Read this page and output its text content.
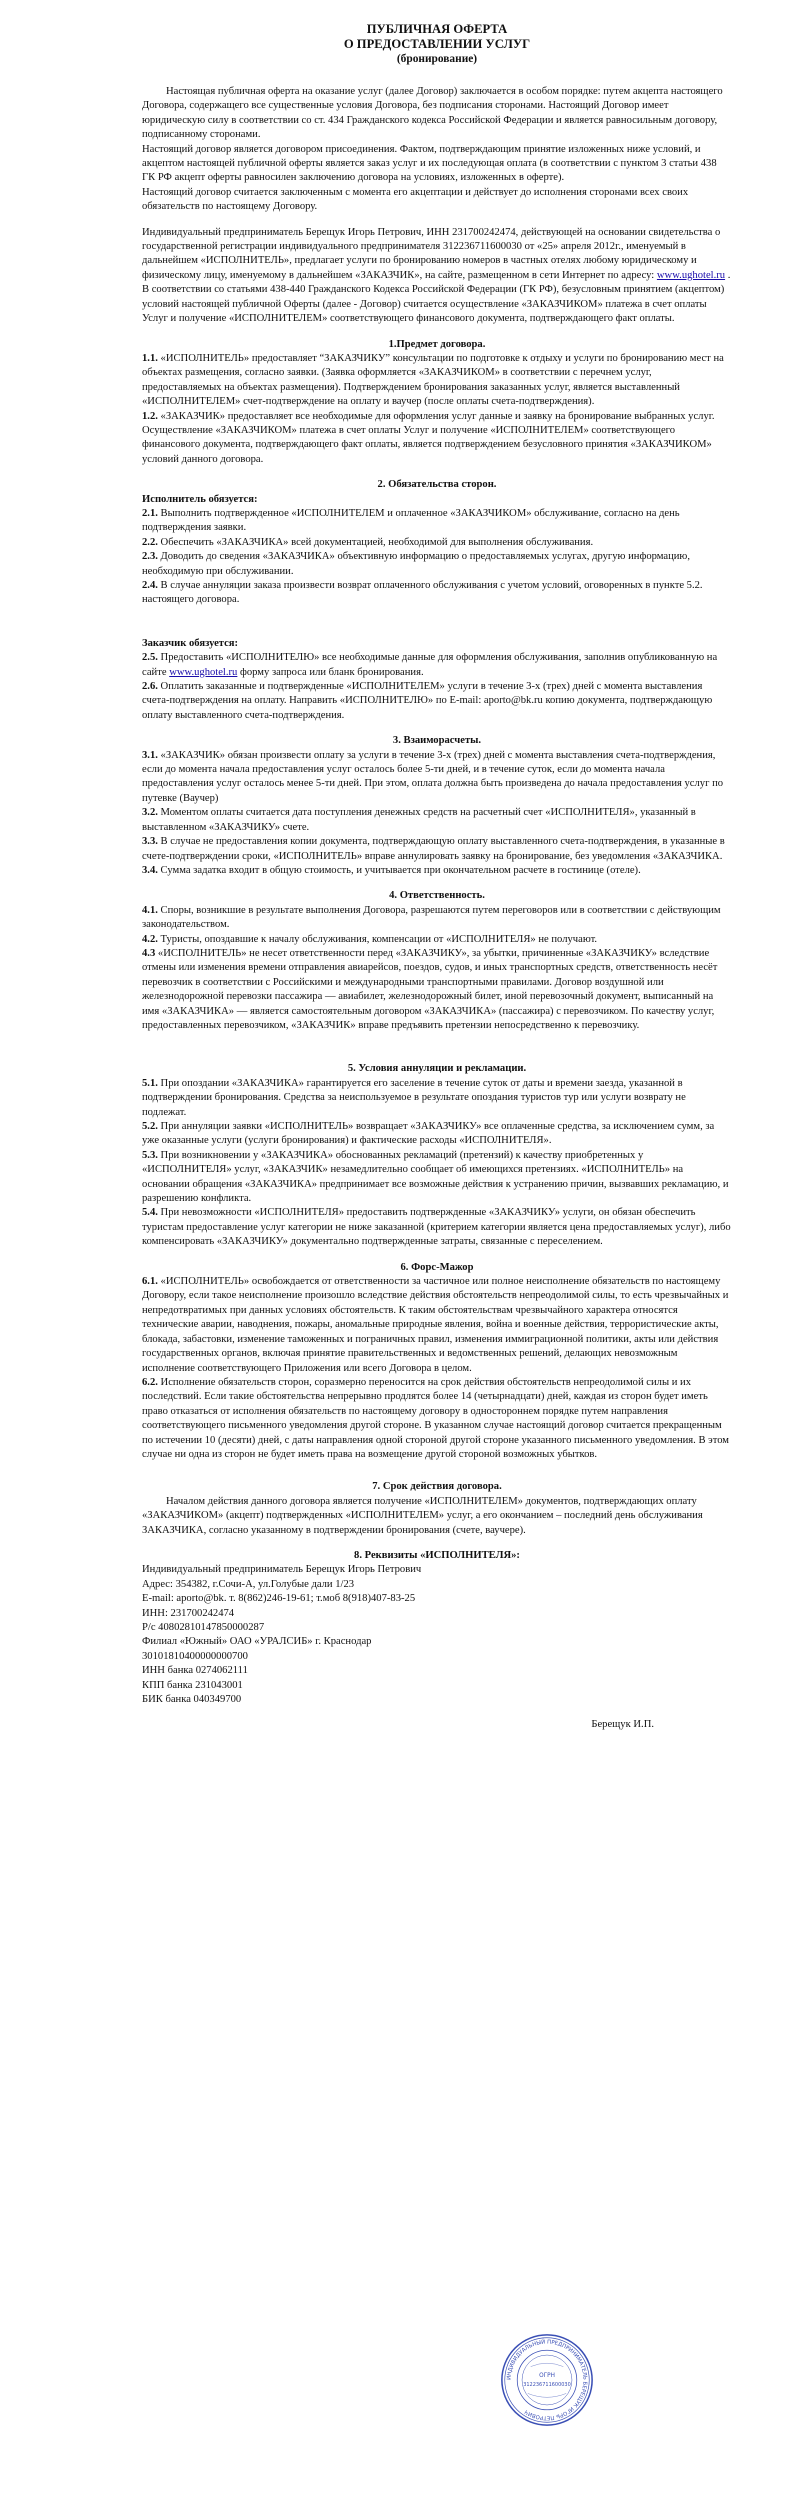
ПУБЛИЧНАЯ ОФЕРТА
О ПРЕДОСТАВЛЕНИИ УСЛУГ
(бронирование)

Настоящая публичная оферта на оказание услуг (далее Договор) заключается в особом порядке: путем акцепта настоящего Договора, содержащего все существенные условия Договора, без подписания сторонами. Настоящий Договор имеет юридическую силу в соответствии со ст. 434 Гражданского кодекса Российской Федерации и является равносильным договору, подписанному сторонами.

Настоящий договор является договором присоединения. Фактом, подтверждающим принятие изложенных ниже условий, и акцептом настоящей публичной оферты является заказ услуг и их последующая оплата (в соответствии с пунктом 3 статьи 438 ГК РФ акцепт оферты равносилен заключению договора на условиях, изложенных в оферте).

Настоящий договор считается заключенным с момента его акцептации и действует до исполнения сторонами всех своих обязательств по настоящему Договору.

Индивидуальный предприниматель Берещук Игорь Петрович, ИНН 231700242474, действующей на основании свидетельства о государственной регистрации индивидуального предпринимателя 312236711600030 от «25» апреля 2012г., именуемый в дальнейшем «ИСПОЛНИТЕЛЬ», предлагает услуги по бронированию номеров в частных отелях любому юридическому и физическому лицу, именуемому в дальнейшем «ЗАКАЗЧИК», на сайте, размещенном в сети Интернет по адресу: www.ughotel.ru .

В соответствии со статьями 438-440 Гражданского Кодекса Российской Федерации (ГК РФ), безусловным принятием (акцептом) условий настоящей публичной Оферты (далее - Договор) считается осуществление «ЗАКАЗЧИКОМ» платежа в счет оплаты Услуг и получение «ИСПОЛНИТЕЛЕМ» соответствующего финансового документа, подтверждающего факт оплаты.

1.Предмет договора.

1.1. «ИСПОЛНИТЕЛЬ» предоставляет “ЗАКАЗЧИКУ” консультации по подготовке к отдыху и услуги по бронированию мест на объектах размещения, согласно заявки. (Заявка оформляется «ЗАКАЗЧИКОМ» в соответствии с перечнем услуг, предоставляемых на объектах размещения). Подтверждением бронирования заказанных услуг, является выставленный «ИСПОЛНИТЕЛЕМ» счет-подтверждение на оплату и ваучер (после оплаты счета-подтверждения).

1.2. «ЗАКАЗЧИК» предоставляет все необходимые для оформления услуг данные и заявку на бронирование выбранных услуг. Осуществление «ЗАКАЗЧИКОМ» платежа в счет оплаты Услуг и получение «ИСПОЛНИТЕЛЕМ» соответствующего финансового документа, подтверждающего факт оплаты, является подтверждением безусловного принятия «ЗАКАЗЧИКОМ» условий данного договора.

2. Обязательства сторон.

Исполнитель обязуется:

2.1. Выполнить подтвержденное «ИСПОЛНИТЕЛЕМ и оплаченное «ЗАКАЗЧИКОМ» обслуживание, согласно на день подтверждения заявки.

2.2. Обеспечить «ЗАКАЗЧИКА» всей документацией, необходимой для выполнения обслуживания.

2.3. Доводить до сведения «ЗАКАЗЧИКА» объективную информацию о предоставляемых услугах, другую информацию, необходимую при обслуживании.

2.4. В случае аннуляции заказа произвести возврат оплаченного обслуживания с учетом условий, оговоренных в пункте 5.2. настоящего договора.

Заказчик обязуется:

2.5. Предоставить «ИСПОЛНИТЕЛЮ» все необходимые данные для оформления обслуживания, заполнив опубликованную на сайте www.ughotel.ru форму запроса или бланк бронирования.

2.6. Оплатить заказанные и подтвержденные «ИСПОЛНИТЕЛЕМ» услуги в течение 3-х (трех) дней с момента выставления счета-подтверждения на оплату. Направить «ИСПОЛНИТЕЛЮ» по E-mail: aporto@bk.ru копию документа, подтверждающую оплату выставленного счета-подтверждения.

3. Взаиморасчеты.

3.1. «ЗАКАЗЧИК» обязан произвести оплату за услуги в течение 3-х (трех) дней с момента выставления счета-подтверждения, если до момента начала предоставления услуг осталось более 5-ти дней, и в течение суток, если до момента начала предоставления услуг осталось менее 5-ти дней. При этом, оплата должна быть произведена до начала предоставления услуг по путевке (Ваучер)

3.2. Моментом оплаты считается дата поступления денежных средств на расчетный счет «ИСПОЛНИТЕЛЯ», указанный в выставленном «ЗАКАЗЧИКУ» счете.

3.3. В случае не предоставления копии документа, подтверждающую оплату выставленного счета-подтверждения, в указанные в счете-подтверждении сроки, «ИСПОЛНИТЕЛЬ» вправе аннулировать заявку на бронирование, без уведомления «ЗАКАЗЧИКА.

3.4. Сумма задатка входит в общую стоимость, и учитывается при окончательном расчете в гостинице (отеле).

4. Ответственность.

4.1. Споры, возникшие в результате выполнения Договора, разрешаются путем переговоров или в соответствии с действующим законодательством.

4.2. Туристы, опоздавшие к началу обслуживания, компенсации от «ИСПОЛНИТЕЛЯ» не получают.

4.3 «ИСПОЛНИТЕЛЬ» не несет ответственности перед «ЗАКАЗЧИКУ», за убытки, причиненные «ЗАКАЗЧИКУ» вследствие отмены или изменения времени отправления авиарейсов, поездов, судов, и иных транспортных средств, ответственность несёт перевозчик в соответствии с Российскими и международными транспортными правилами. Договор воздушной или железнодорожной перевозки пассажира — авиабилет, железнодорожный билет, иной перевозочный документ, выписанный на имя «ЗАКАЗЧИКА» — является самостоятельным договором «ЗАКАЗЧИКА» (пассажира) с перевозчиком. По качеству услуг, предоставленных перевозчиком, «ЗАКАЗЧИК» вправе предъявить претензии непосредственно к перевозчику.

5. Условия аннуляции и рекламации.

5.1. При опоздании «ЗАКАЗЧИКА» гарантируется его заселение в течение суток от даты и времени заезда, указанной в подтверждении бронирования. Средства за неиспользуемое в результате опоздания туристов тур или услуги возврату не подлежат.

5.2. При аннуляции заявки «ИСПОЛНИТЕЛЬ» возвращает «ЗАКАЗЧИКУ» все оплаченные средства, за исключением сумм, за уже оказанные услуги (услуги бронирования) и фактические расходы «ИСПОЛНИТЕЛЯ».

5.3. При возникновении у «ЗАКАЗЧИКА» обоснованных рекламаций (претензий) к качеству приобретенных у «ИСПОЛНИТЕЛЯ» услуг, «ЗАКАЗЧИК» незамедлительно сообщает об имеющихся претензиях. «ИСПОЛНИТЕЛЬ» на основании обращения «ЗАКАЗЧИКА» предпринимает все возможные действия к устранению причин, вызвавших рекламацию, и разрешению конфликта.

5.4. При невозможности «ИСПОЛНИТЕЛЯ» предоставить подтвержденные «ЗАКАЗЧИКУ» услуги, он обязан обеспечить туристам предоставление услуг категории не ниже заказанной (критерием категории является цена предоставляемых услуг), либо компенсировать «ЗАКАЗЧИКУ» документально подтвержденные затраты, связанные с переселением.

6. Форс-Мажор

6.1. «ИСПОЛНИТЕЛЬ» освобождается от ответственности за частичное или полное неисполнение обязательств по настоящему Договору, если такое неисполнение произошло вследствие действия обстоятельств непреодолимой силы, то есть чрезвычайных и непредотвратимых при данных условиях обстоятельств. К таким обстоятельствам чрезвычайного характера относятся технические аварии, наводнения, пожары, аномальные природные явления, война и военные действия, террористические акты, блокада, забастовки, изменение таможенных и пограничных правил, изменения иммиграционной политики, акты или действия государственных органов, включая принятие правительственных и ведомственных решений, делающих невозможным исполнение соответствующего Приложения или всего Договора в целом.

6.2. Исполнение обязательств сторон, соразмерно переносится на срок действия обстоятельств непреодолимой силы и их последствий. Если такие обстоятельства непрерывно продлятся более 14 (четырнадцати) дней, каждая из сторон будет иметь право отказаться от исполнения обязательств по настоящему договору в одностороннем порядке путем направления соответствующего письменного уведомления другой стороне. В указанном случае настоящий договор считается прекращенным по истечении 10 (десяти) дней, с даты направления одной стороной другой стороне указанного письменного уведомления. В этом случае ни одна из сторон не будет иметь права на возмещение другой стороной возможных убытков.

7. Срок действия договора.

Началом действия данного договора является получение «ИСПОЛНИТЕЛЕМ» документов, подтверждающих оплату «ЗАКАЗЧИКОМ» (акцепт) подтвержденных «ИСПОЛНИТЕЛЕМ» услуг, а его окончанием – последний день обслуживания ЗАКАЗЧИКА, согласно указанному в подтверждении бронирования (счете, ваучере).

8. Реквизиты «ИСПОЛНИТЕЛЯ»:

Индивидуальный предприниматель Берещук Игорь Петрович

Адрес: 354382, г.Сочи-А, ул.Голубые дали 1/23

E-mail: aporto@bk. т. 8(862)246-19-61; т.моб 8(918)407-83-25

ИНН: 231700242474

Р/с 40802810147850000287

Филиал «Южный» ОАО «УРАЛСИБ» г. Краснодар

30101810400000000700

ИНН банка 0274062111

КПП банка 231043001

БИК банка 040349700

Берещук И.П.

ИНДИВИДУАЛЬНЫЙ ПРЕДПРИНИМАТЕЛЬ БЕРЕЩУК ИГОРЬ ПЕТРОВИЧ
ОГРН
312236711600030
